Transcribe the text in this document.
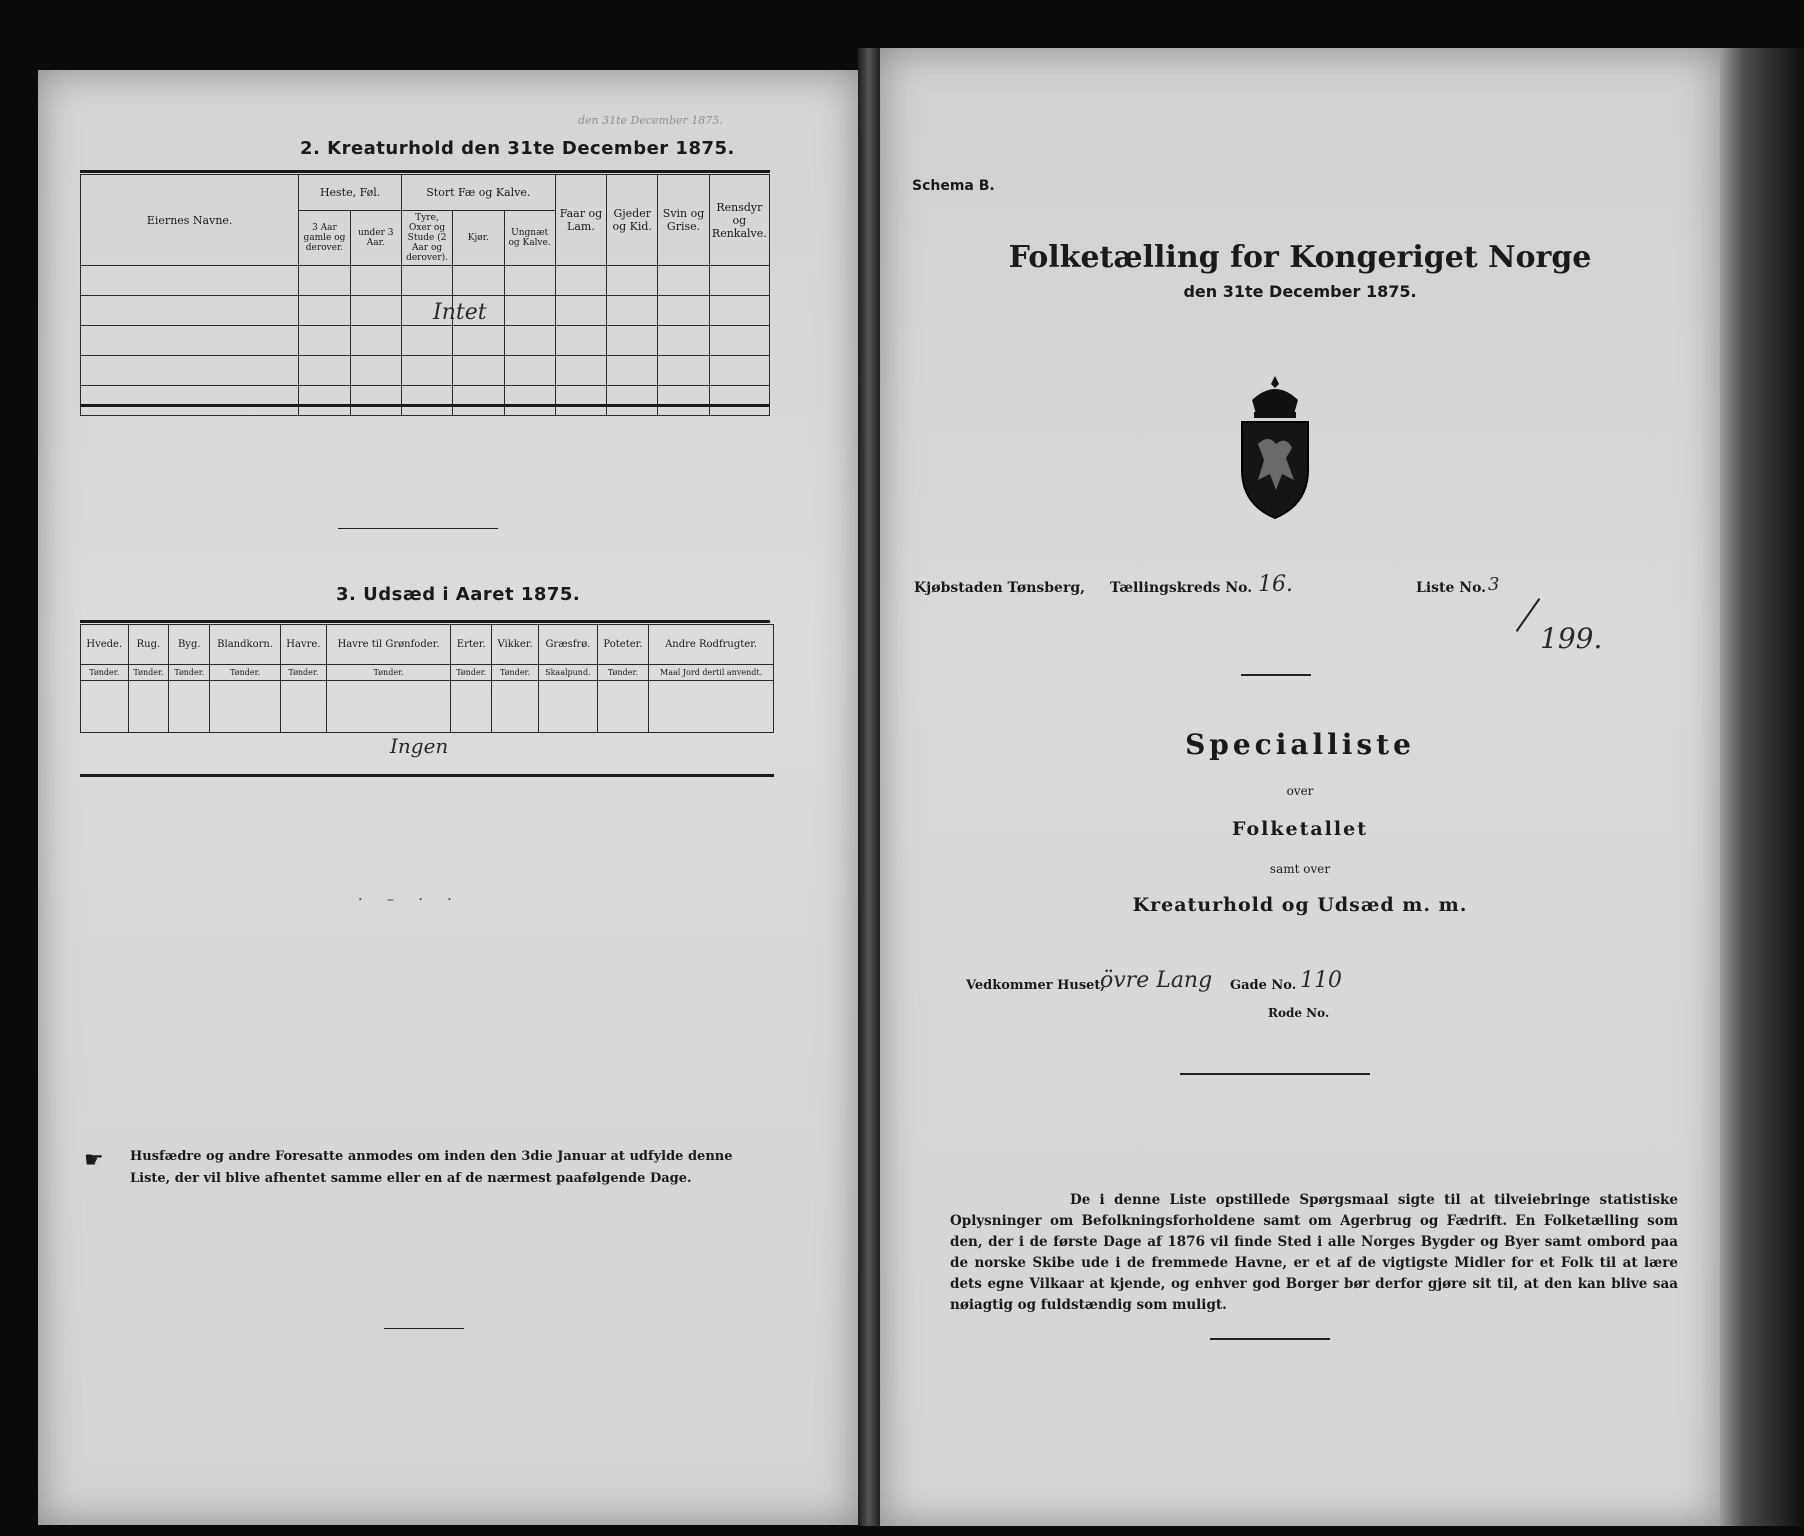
den 31te December 1875.
2. Kreaturhold den 31te December 1875.
Eiernes Navne.	Heste, Føl.		Stort Fæ og Kalve.			Faar og Lam.	Gjeder og Kid.	Svin og Grise.	Rensdyr og Renkalve.
	3 Aar gamle og derover.	under 3 Aar.	Tyre, Oxer og Stude (2 Aar og derover).	Kjør.	Ungnæt og Kalve.				

Intet
3. Udsæd i Aaret 1875.
Hvede.	Rug.	Byg.	Blandkorn.	Havre.	Havre til Grønfoder.	Erter.	Vikker.	Græsfrø.	Poteter.	Andre Rodfrugter.
Tønder.	Tønder.	Tønder.	Tønder.	Tønder.	Tønder.	Tønder.	Tønder.	Skaalpund.	Tønder.	Maal Jord dertil anvendt.

Ingen
· – · ·
☛ Husfædre og andre Foresatte anmodes om inden den 3die Januar at udfylde denne Liste, der vil blive afhentet samme eller en af de nærmest paafølgende Dage.
Schema B.
Folketælling for Kongeriget Norge
den 31te December 1875.
Kjøbstaden Tønsberg, Tællingskreds No. 16.	Liste No. 3
199.
Specialliste
over
Folketallet
samt over
Kreaturhold og Udsæd m. m.
Vedkommer Huset,
övre Lang Gade No. 110
Rode No.
De i denne Liste opstillede Spørgsmaal sigte til at tilveiebringe statistiske Oplysninger om Befolkningsforholdene samt om Agerbrug og Fædrift. En Folketælling som den, der i de første Dage af 1876 vil finde Sted i alle Norges Bygder og Byer samt ombord paa de norske Skibe ude i de fremmede Havne, er et af de vigtigste Midler for et Folk til at lære dets egne Vilkaar at kjende, og enhver god Borger bør derfor gjøre sit til, at den kan blive saa nøiagtig og fuldstændig som muligt.
